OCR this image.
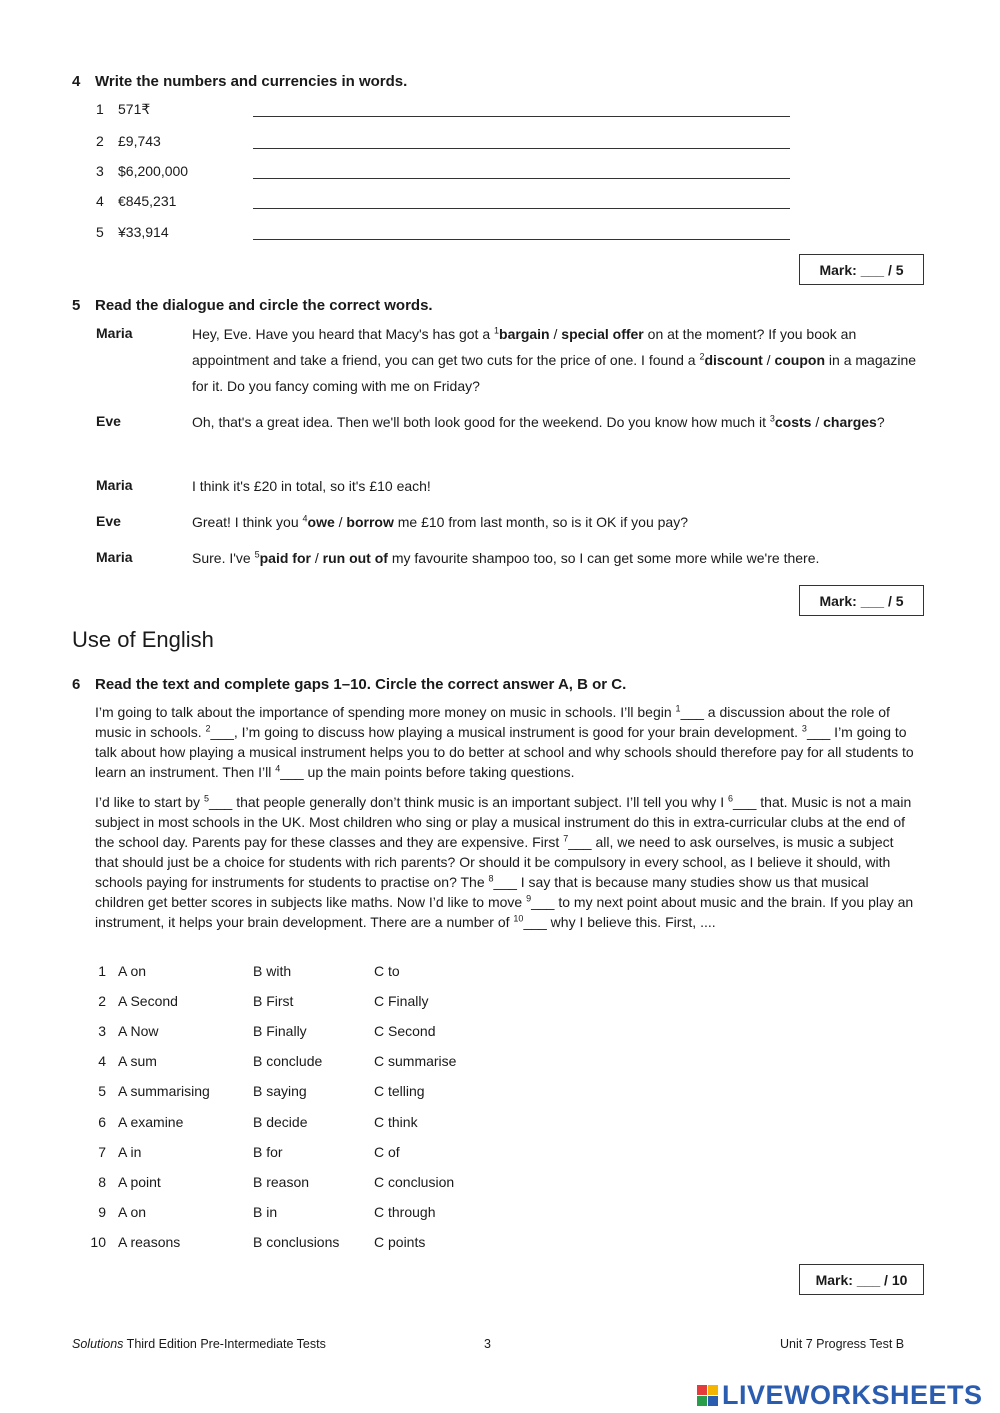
4 Write the numbers and currencies in words.
1 571₹
2 £9,743
3 $6,200,000
4 €845,231
5 ¥33,914
Mark: ___ / 5
5 Read the dialogue and circle the correct words.
Maria	Hey, Eve. Have you heard that Macy's has got a $^1$bargain / special offer on at the moment? If you book an appointment and take a friend, you can get two cuts for the price of one. I found a $^2$discount / coupon in a magazine for it. Do you fancy coming with me on Friday?
Eve	Oh, that's a great idea. Then we'll both look good for the weekend. Do you know how much it $^3$costs / charges?
Maria	I think it's £20 in total, so it's £10 each!
Eve	Great! I think you $^4$owe / borrow me £10 from last month, so is it OK if you pay?
Maria	Sure. I've $^5$paid for / run out of my favourite shampoo too, so I can get some more while we're there.
Mark: ___ / 5
Use of English
6 Read the text and complete gaps 1–10. Circle the correct answer A, B or C.
I’m going to talk about the importance of spending more money on music in schools. I’ll begin $^1$___ a discussion about the role of music in schools. $^2$___, I’m going to discuss how playing a musical instrument is good for your brain development. $^3$___ I’m going to talk about how playing a musical instrument helps you to do better at school and why schools should therefore pay for all students to learn an instrument. Then I’ll $^4$___ up the main points before taking questions.
I’d like to start by $^5$___ that people generally don’t think music is an important subject. I’ll tell you why I $^6$___ that. Music is not a main subject in most schools in the UK. Most children who sing or play a musical instrument do this in extra-curricular clubs at the end of the school day. Parents pay for these classes and they are expensive. First $^7$___ all, we need to ask ourselves, is music a subject that should just be a choice for students with rich parents? Or should it be compulsory in every school, as I believe it should, with schools paying for instruments for students to practise on? The $^8$___ I say that is because many studies show us that musical children get better scores in subjects like maths. Now I’d like to move $^9$___ to my next point about music and the brain. If you play an instrument, it helps your brain development. There are a number of $^{10}$___ why I believe this. First, ....
1 A on	B with	C to
2 A Second	B First	C Finally
3 A Now	B Finally	C Second
4 A sum	B conclude	C summarise
5 A summarising	B saying	C telling
6 A examine	B decide	C think
7 A in	B for	C of
8 A point	B reason	C conclusion
9 A on	B in	C through
10 A reasons	B conclusions C points
Mark: ___ / 10
Solutions Third Edition Pre-Intermediate Tests	3	Unit 7 Progress Test B
LIVEWORKSHEETS
